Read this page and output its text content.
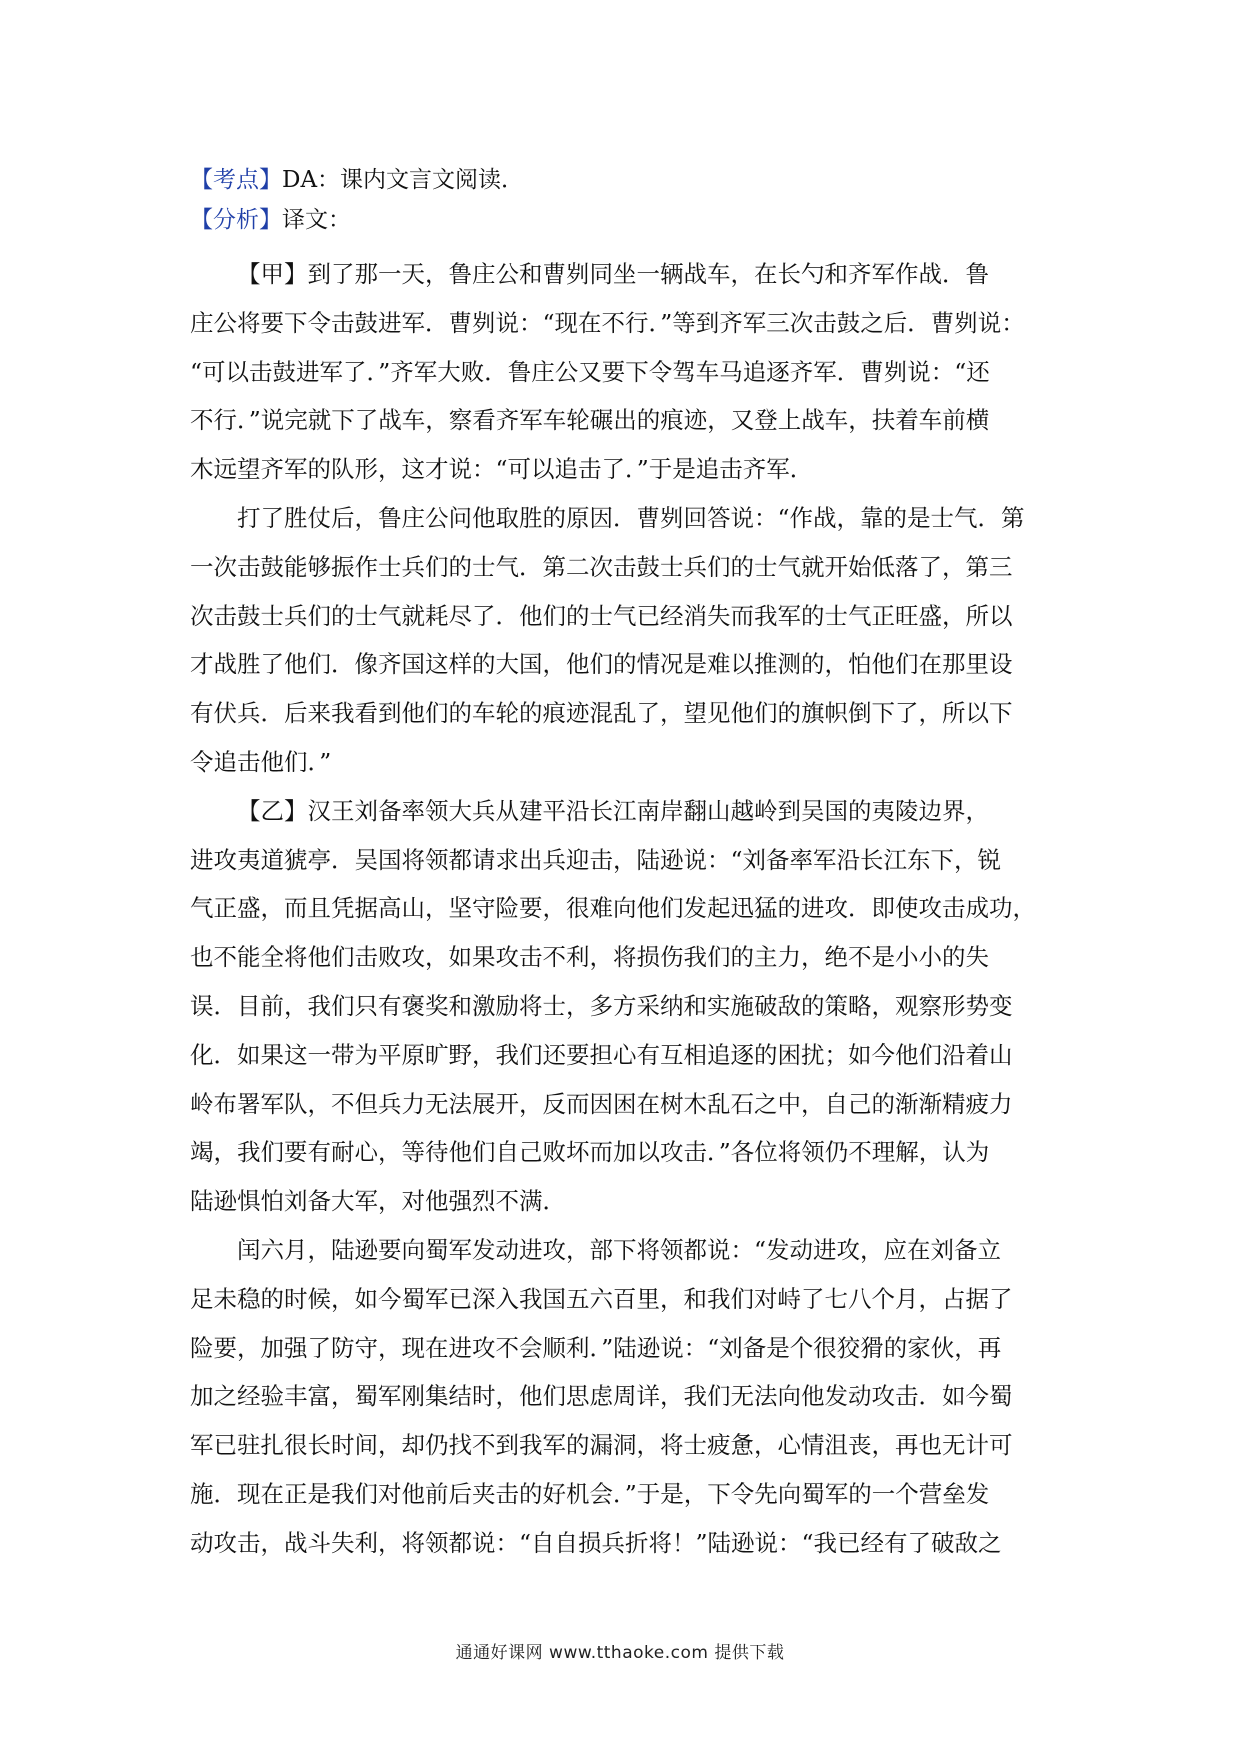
【考点】DA：课内文言文阅读．

【分析】译文：

【甲】到了那一天，鲁庄公和曹刿同坐一辆战车，在长勺和齐军作战．鲁
庄公将要下令击鼓进军．曹刿说：“现在不行．”等到齐军三次击鼓之后．曹刿说：
“可以击鼓进军了．”齐军大败．鲁庄公又要下令驾车马追逐齐军．曹刿说：“还
不行．”说完就下了战车，察看齐军车轮碾出的痕迹，又登上战车，扶着车前横
木远望齐军的队形，这才说：“可以追击了．”于是追击齐军．

打了胜仗后，鲁庄公问他取胜的原因．曹刿回答说：“作战，靠的是士气．第
一次击鼓能够振作士兵们的士气．第二次击鼓士兵们的士气就开始低落了，第三
次击鼓士兵们的士气就耗尽了．他们的士气已经消失而我军的士气正旺盛，所以
才战胜了他们．像齐国这样的大国，他们的情况是难以推测的，怕他们在那里设
有伏兵．后来我看到他们的车轮的痕迹混乱了，望见他们的旗帜倒下了，所以下
令追击他们．”

【乙】汉王刘备率领大兵从建平沿长江南岸翻山越岭到吴国的夷陵边界，
进攻夷道猇亭．吴国将领都请求出兵迎击，陆逊说：“刘备率军沿长江东下，锐
气正盛，而且凭据高山，坚守险要，很难向他们发起迅猛的进攻．即使攻击成功，
也不能全将他们击败攻，如果攻击不利，将损伤我们的主力，绝不是小小的失
误．目前，我们只有褒奖和激励将士，多方采纳和实施破敌的策略，观察形势变
化．如果这一带为平原旷野，我们还要担心有互相追逐的困扰；如今他们沿着山
岭布署军队，不但兵力无法展开，反而因困在树木乱石之中，自己的渐渐精疲力
竭，我们要有耐心，等待他们自己败坏而加以攻击．”各位将领仍不理解，认为
陆逊惧怕刘备大军，对他强烈不满．

闰六月，陆逊要向蜀军发动进攻，部下将领都说：“发动进攻，应在刘备立
足未稳的时候，如今蜀军已深入我国五六百里，和我们对峙了七八个月，占据了
险要，加强了防守，现在进攻不会顺利．”陆逊说：“刘备是个很狡猾的家伙，再
加之经验丰富，蜀军刚集结时，他们思虑周详，我们无法向他发动攻击．如今蜀
军已驻扎很长时间，却仍找不到我军的漏洞，将士疲惫，心情沮丧，再也无计可
施．现在正是我们对他前后夹击的好机会．”于是，下令先向蜀军的一个营垒发
动攻击，战斗失利，将领都说：“自自损兵折将！”陆逊说：“我已经有了破敌之

通通好课网 www.tthaoke.com 提供下载
